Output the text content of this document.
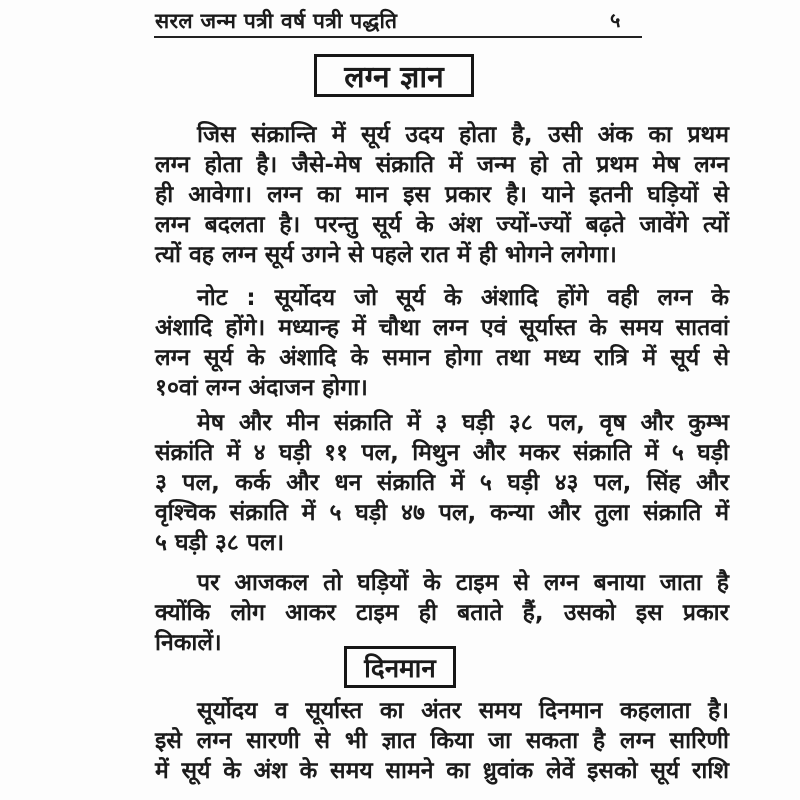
सरल जन्म पत्री वर्ष पत्री पद्धति	५
लग्न ज्ञान
जिस संक्रान्ति में सूर्य उदय होता है, उसी अंक का प्रथम
लग्न होता है। जैसे-मेष संक्राति में जन्म हो तो प्रथम मेष लग्न
ही आवेगा। लग्न का मान इस प्रकार है। याने इतनी घड़ियों से
लग्न बदलता है। परन्तु सूर्य के अंश ज्यों-ज्यों बढ़ते जावेंगे त्यों
त्यों वह लग्न सूर्य उगने से पहले रात में ही भोगने लगेगा।
नोट : सूर्योदय जो सूर्य के अंशादि होंगे वही लग्न के
अंशादि होंगे। मध्यान्ह में चौथा लग्न एवं सूर्यास्त के समय सातवां
लग्न सूर्य के अंशादि के समान होगा तथा मध्य रात्रि में सूर्य से
१०वां लग्न अंदाजन होगा।
मेष और मीन संक्राति में ३ घड़ी ३८ पल, वृष और कुम्भ
संक्रांति में ४ घड़ी ११ पल, मिथुन और मकर संक्राति में ५ घड़ी
३ पल, कर्क और धन संक्राति में ५ घड़ी ४३ पल, सिंह और
वृश्चिक संक्राति में ५ घड़ी ४७ पल, कन्या और तुला संक्राति में
५ घड़ी ३८ पल।
पर आजकल तो घड़ियों के टाइम से लग्न बनाया जाता है
क्योंकि लोग आकर टाइम ही बताते हैं, उसको इस प्रकार
निकालें।
दिनमान
सूर्योदय व सूर्यास्त का अंतर समय दिनमान कहलाता है।
इसे लग्न सारणी से भी ज्ञात किया जा सकता है लग्न सारिणी
में सूर्य के अंश के समय सामने का ध्रुवांक लेवें इसको सूर्य राशि
